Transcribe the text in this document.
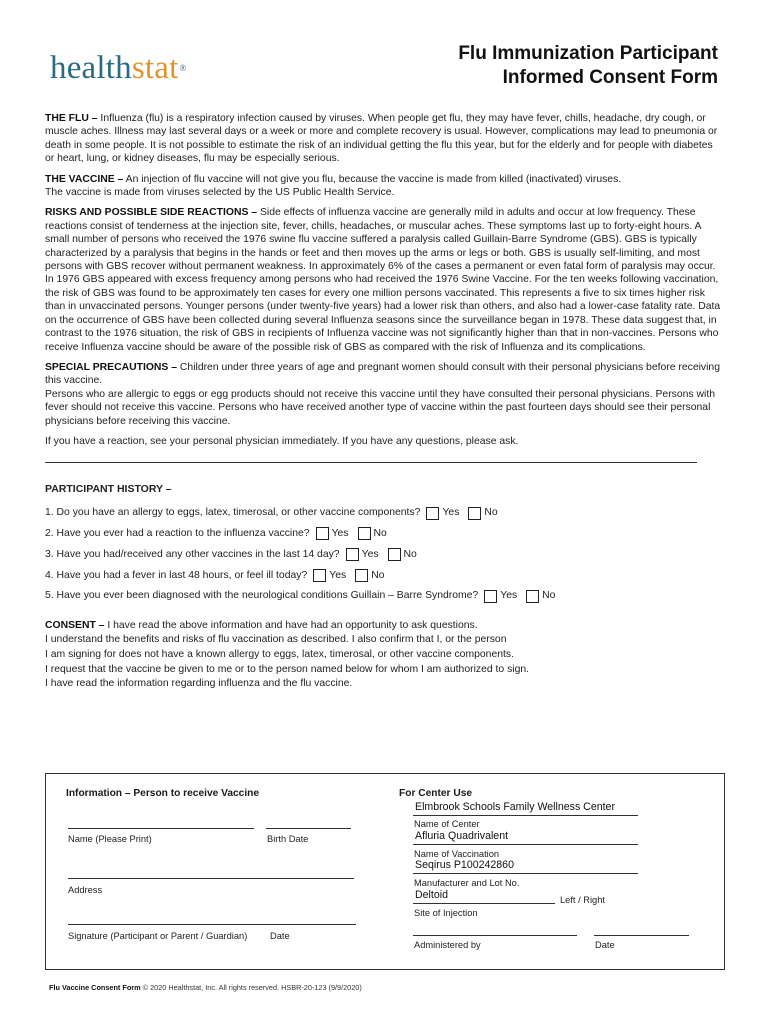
healthstat®
Flu Immunization Participant
Informed Consent Form

THE FLU – Influenza (flu) is a respiratory infection caused by viruses. When people get flu, they may have fever, chills, headache, dry cough, or muscle aches. Illness may last several days or a week or more and complete recovery is usual. However, complications may lead to pneumonia or death in some people. It is not possible to estimate the risk of an individual getting the flu this year, but for the elderly and for people with diabetes or heart, lung, or kidney diseases, flu may be especially serious.

THE VACCINE – An injection of flu vaccine will not give you flu, because the vaccine is made from killed (inactivated) viruses.
The vaccine is made from viruses selected by the US Public Health Service.

RISKS AND POSSIBLE SIDE REACTIONS – Side effects of influenza vaccine are generally mild in adults and occur at low frequency. These reactions consist of tenderness at the injection site, fever, chills, headaches, or muscular aches. These symptoms last up to forty-eight hours. A small number of persons who received the 1976 swine flu vaccine suffered a paralysis called Guillain-Barre Syndrome (GBS). GBS is typically characterized by a paralysis that begins in the hands or feet and then moves up the arms or legs or both. GBS is usually self-limiting, and most persons with GBS recover without permanent weakness. In approximately 6% of the cases a permanent or even fatal form of paralysis may occur. In 1976 GBS appeared with excess frequency among persons who had received the 1976 Swine Vaccine. For the ten weeks following vaccination, the risk of GBS was found to be approximately ten cases for every one million persons vaccinated. This represents a five to six times higher risk than in unvaccinated persons. Younger persons (under twenty-five years) had a lower risk than others, and also had a lower-case fatality rate. Data on the occurrence of GBS have been collected during several Influenza seasons since the surveillance began in 1978. These data suggest that, in contrast to the 1976 situation, the risk of GBS in recipients of Influenza vaccine was not significantly higher than that in non-vaccines. Persons who receive Influenza vaccine should be aware of the possible risk of GBS as compared with the risk of Influenza and its complications.

SPECIAL PRECAUTIONS – Children under three years of age and pregnant women should consult with their personal physicians before receiving this vaccine.
Persons who are allergic to eggs or egg products should not receive this vaccine until they have consulted their personal physicians. Persons with fever should not receive this vaccine. Persons who have received another type of vaccine within the past fourteen days should see their personal physicians before receiving this vaccine.

If you have a reaction, see your personal physician immediately. If you have any questions, please ask.

PARTICIPANT HISTORY –
1. Do you have an allergy to eggs, latex, timerosal, or other vaccine components? Yes No
2. Have you ever had a reaction to the influenza vaccine? Yes No
3. Have you had/received any other vaccines in the last 14 day? Yes No
4. Have you had a fever in last 48 hours, or feel ill today? Yes No
5. Have you ever been diagnosed with the neurological conditions Guillain – Barre Syndrome? Yes No
CONSENT – I have read the above information and have had an opportunity to ask questions.
I understand the benefits and risks of flu vaccination as described. I also confirm that I, or the person
I am signing for does not have a known allergy to eggs, latex, timerosal, or other vaccine components.
I request that the vaccine be given to me or to the person named below for whom I am authorized to sign.
I have read the information regarding influenza and the flu vaccine.
Information – Person to receive Vaccine
Name (Please Print)	Birth Date
Address
Signature (Participant or Parent / Guardian) Date
For Center Use
Elmbrook Schools Family Wellness Center
Name of Center
Afluria Quadrivalent
Name of Vaccination
Seqirus P100242860
Manufacturer and Lot No.
Deltoid	Left / Right
Site of Injection
Administered by	Date
Flu Vaccine Consent Form © 2020 Healthstat, Inc. All rights reserved. HSBR-20-123 (9/9/2020)
